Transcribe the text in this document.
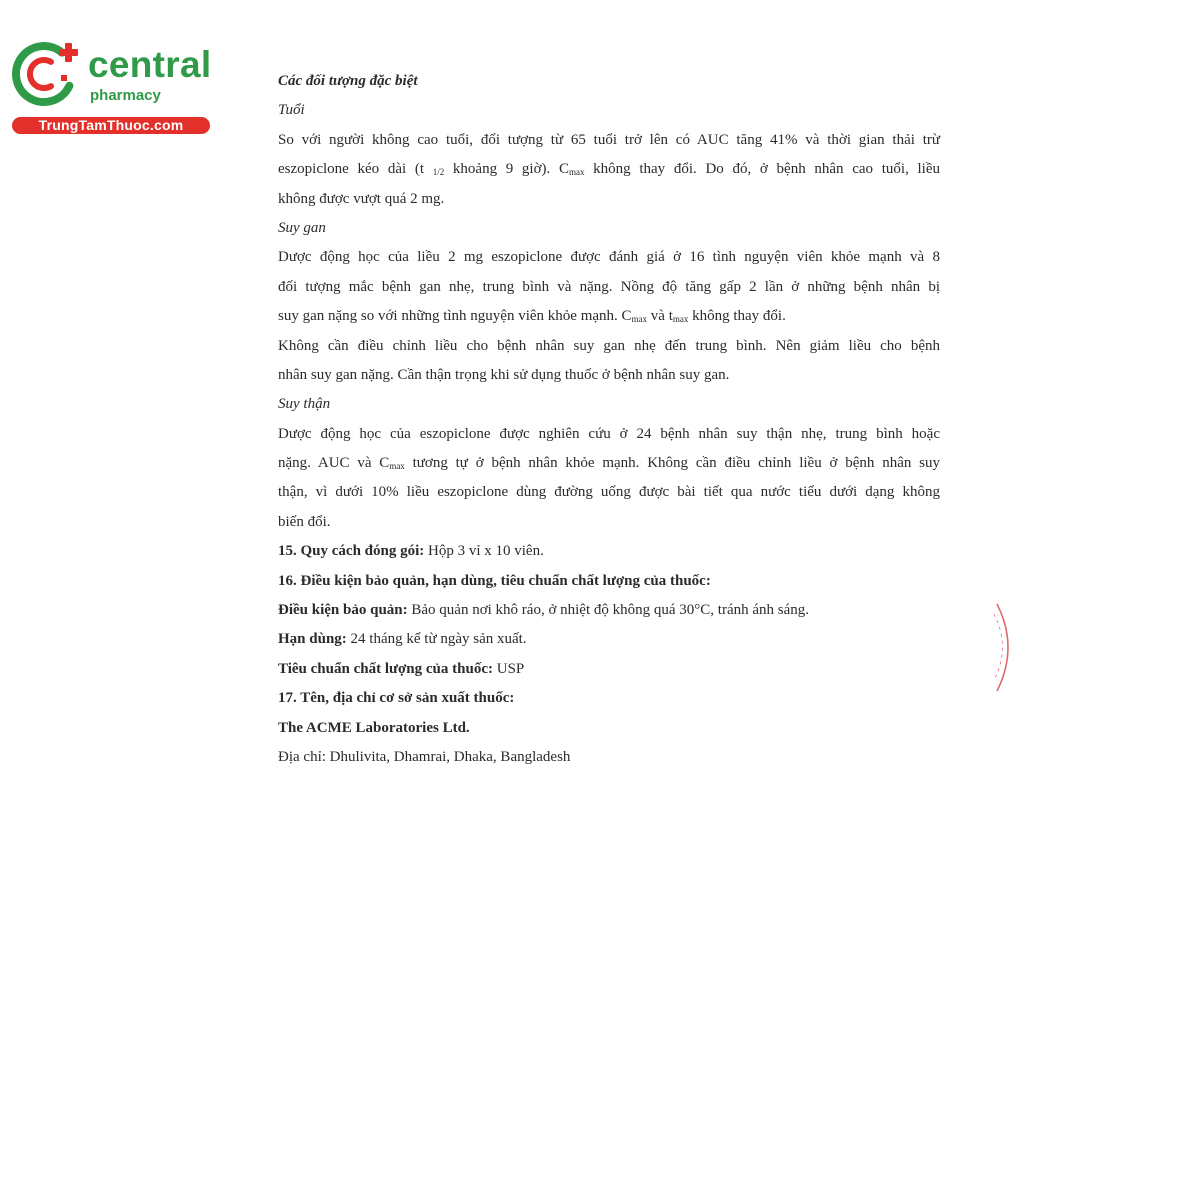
central
pharmacy
TrungTamThuoc.com
Các đối tượng đặc biệt
Tuổi
So với người không cao tuổi, đối tượng từ 65 tuổi trở lên có AUC tăng 41% và thời gian thải trừ
eszopiclone kéo dài (t $_{1/2}$ khoảng 9 giờ). $C_{max}$ không thay đổi. Do đó, ở bệnh nhân cao tuổi, liều
không được vượt quá 2 mg.
Suy gan
Dược động học của liều 2 mg eszopiclone được đánh giá ở 16 tình nguyện viên khỏe mạnh và 8
đối tượng mắc bệnh gan nhẹ, trung bình và nặng. Nồng độ tăng gấp 2 lần ở những bệnh nhân bị
suy gan nặng so với những tình nguyện viên khỏe mạnh. $C_{max}$ và $t_{max}$ không thay đổi.
Không cần điều chỉnh liều cho bệnh nhân suy gan nhẹ đến trung bình. Nên giảm liều cho bệnh
nhân suy gan nặng. Cần thận trọng khi sử dụng thuốc ở bệnh nhân suy gan.
Suy thận
Dược động học của eszopiclone được nghiên cứu ở 24 bệnh nhân suy thận nhẹ, trung bình hoặc
nặng. AUC và $C_{max}$ tương tự ở bệnh nhân khỏe mạnh. Không cần điều chỉnh liều ở bệnh nhân suy
thận, vì dưới 10% liều eszopiclone dùng đường uống được bài tiết qua nước tiểu dưới dạng không
biến đổi.
15. Quy cách đóng gói: Hộp 3 vỉ x 10 viên.
16. Điều kiện bảo quản, hạn dùng, tiêu chuẩn chất lượng của thuốc:
Điều kiện bảo quản: Bảo quản nơi khô ráo, ở nhiệt độ không quá 30°C, tránh ánh sáng.
Hạn dùng: 24 tháng kể từ ngày sản xuất.
Tiêu chuẩn chất lượng của thuốc: USP
17. Tên, địa chỉ cơ sở sản xuất thuốc:
The ACME Laboratories Ltd.
Địa chỉ: Dhulivita, Dhamrai, Dhaka, Bangladesh
